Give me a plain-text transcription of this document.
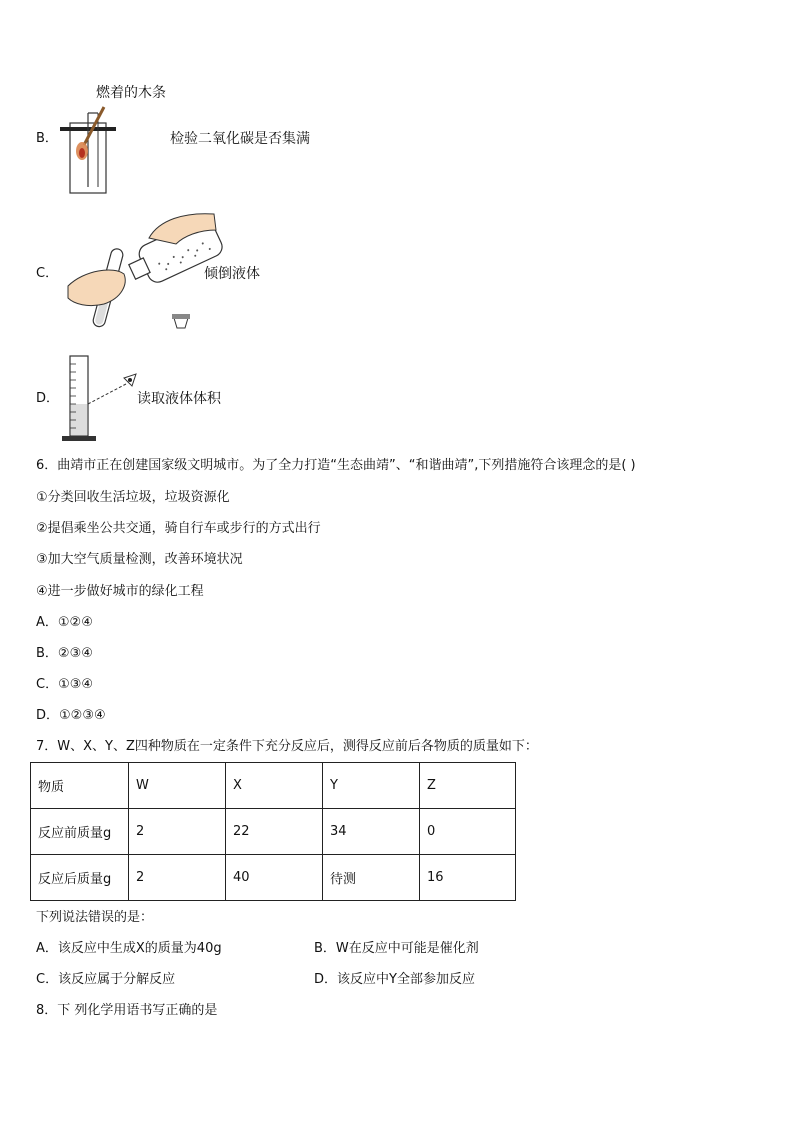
燃着的木条
B．	检验二氧化碳是否集满
C．	倾倒液体
D．	读取液体体积
6．曲靖市正在创建国家级文明城市。为了全力打造“生态曲靖”、“和谐曲靖”,下列措施符合该理念的是( )
①分类回收生活垃圾，垃圾资源化
②提倡乘坐公共交通，骑自行车或步行的方式出行
③加大空气质量检测，改善环境状况
④进一步做好城市的绿化工程
A．①②④
B．②③④
C．①③④
D．①②③④
7．W、X、Y、Z四种物质在一定条件下充分反应后，测得反应前后各物质的质量如下：
物质	W	X	Y	Z
反应前质量g	2	22	34	0
反应后质量g	2	40	待测	16
下列说法错误的是：
A．该反应中生成X的质量为40g	B．W在反应中可能是催化剂
C．该反应属于分解反应	D．该反应中Y全部参加反应
8．下 列化学用语书写正确的是
